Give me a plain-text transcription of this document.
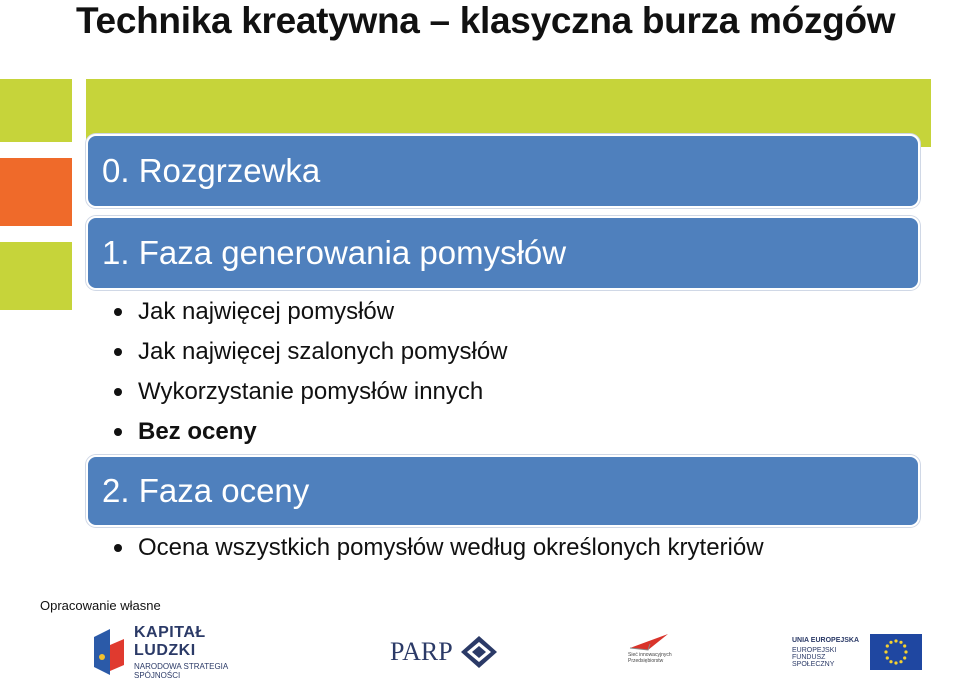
Technika kreatywna – klasyczna burza mózgów
0. Rozgrzewka
1. Faza generowania pomysłów
Jak najwięcej pomysłów
Jak najwięcej szalonych pomysłów
Wykorzystanie pomysłów innych
Bez oceny
2. Faza oceny
Ocena wszystkich pomysłów według określonych kryteriów
Opracowanie własne
KAPITAŁ LUDZKI
NARODOWA STRATEGIA SPÓJNOŚCI
PARP	Sieć innowacyjnych Przedsiębiorstw
UNIA EUROPEJSKA
EUROPEJSKI
FUNDUSZ SPOŁECZNY
